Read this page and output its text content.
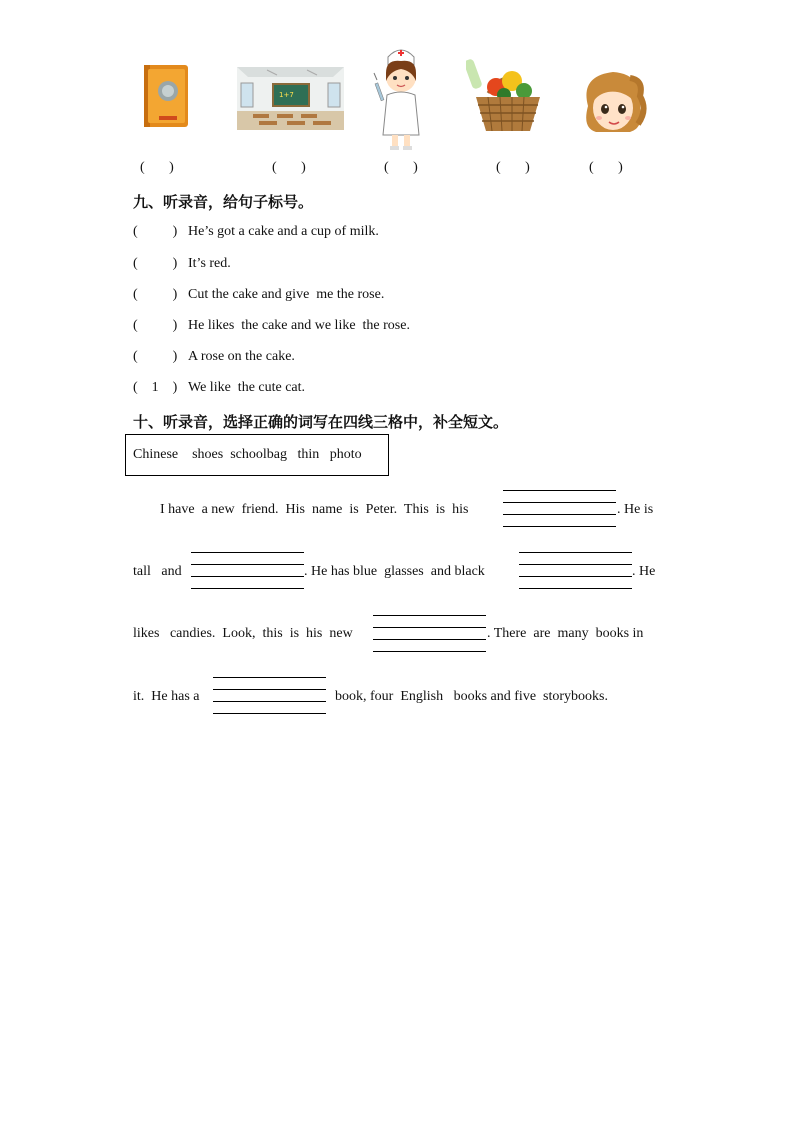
1+7
(       )	(       )	(       )	(       )	(       )
九、听录音，给句子标号。
(          ) He’s got a cake and a cup of milk.
(          ) It’s red.
(          ) Cut the cake and give  me the rose.
(          ) He likes  the cake and we like  the rose.
(          ) A rose on the cake.
(    1    ) We like  the cute cat.
十、听录音，选择正确的词写在四线三格中，补全短文。
Chinese    shoes  schoolbag   thin   photo
I have  a new  friend.  His  name  is  Peter.  This  is  his	. He is
tall   and	. He has blue  glasses  and black	. He
likes   candies.  Look,  this  is  his  new	. There  are  many  books in
it.  He has a	book, four  English   books and five  storybooks.
